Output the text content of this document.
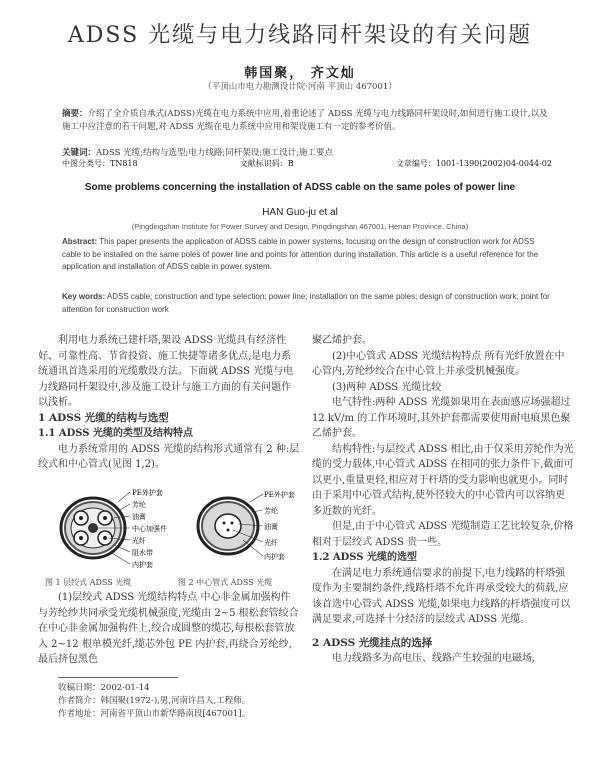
ADSS 光缆与电力线路同杆架设的有关问题
韩国聚， 齐文灿
（平顶山市电力勘测设计院·河南 平顶山 467001）
摘要：介绍了全介质自承式(ADSS)光缆在电力系统中应用,着重论述了 ADSS 光缆与电力线路同杆架设时,如何进行施工设计,以及施工中应注意的若干问题,对 ADSS 光缆在电力系统中应用和架设施工有一定的参考价值。
关键词：ADSS 光缆;结构与选型;电力线路;同杆架设;施工设计;施工要点
中图分类号：TN818	文献标识码：B	文章编号：1001-1390(2002)04-0044-02
Some problems concerning the installation of ADSS cable on the same poles of power line
HAN Guo-ju et al
(Pingdingshan Institute for Power Survey and Design, Pingdingshan 467001, Henan Province, China)
Abstract: This paper presents the application of ADSS cable in power systems, focusing on the design of construction work for ADSS cable to be installed on the same poles of power line and points for attention during installation. This article is a useful reference for the application and installation of ADSS cable in power system.
Key words: ADSS cable; construction and type selection; power line; installation on the same poles; design of construction work; point for attention for construction work

利用电力系统已建杆塔,架设 ADSS 光缆具有经济性好、可靠性高、节省投资、施工快捷等诸多优点,是电力系统通讯首选采用的光缆敷设方法。下面就 ADSS 光缆与电力线路同杆架设中,涉及施工设计与施工方面的有关问题作以浅析。

1 ADSS 光缆的结构与选型

1.1 ADSS 光缆的类型及结构特点

电力系统常用的 ADSS 光缆的结构形式通常有 2 种:层绞式和中心管式(见图 1,2)。

PE外护套
芳纶
油膏
中心加强件
光纤
阻水带
内护套
PE外护套
芳纶
油膏
光纤
内护套
图 1 层绞式 ADSS 光缆	图 2 中心管式 ADSS 光缆

(1)层绞式 ADSS 光缆结构特点 中心非金属加强构件与芳纶纱共同承受光缆机械强度,光缆由 2~5 根松套管绞合在中心非金属加强构件上,绞合成圆整的缆芯,每根松套管放入 2~12 根单模光纤,缆芯外包 PE 内护套,再绕合芳纶纱,最后挤包黑色

收稿日期：2002-01-14
作者简介：韩国聚(1972-),男,河南许昌人,工程师。
作者地址：河南省平顶山市新华路南段[467001]。

聚乙烯护套。

(2)中心管式 ADSS 光缆结构特点 所有光纤放置在中心管内,芳纶纱绞合在中心管上并承受机械强度。

(3)两种 ADSS 光缆比较

电气特性:两种 ADSS 光缆如果用在表面感应场强超过 12 kV/m 的工作环境时,其外护套都需要使用耐电痕黑色聚乙烯护套。

结构特性:与层绞式 ADSS 相比,由于仅采用芳纶作为光缆的受力载体,中心管式 ADSS 在相同的张力条件下,截面可以更小,重量更轻,相应对于杆塔的受力影响也就更小。同时由于采用中心管式结构,使外径较大的中心管内可以容纳更多近数的光纤。

但是,由于中心管式 ADSS 光缆制造工艺比较复杂,价格相对于层绞式 ADSS 贵一些。

1.2 ADSS 光缆的选型

在满足电力系统通信要求的前提下,电力线路的杆塔强度作为主要制约条件,线路杆塔不允许再承受较大的荷载,应该首选中心管式 ADSS 光缆,如果电力线路的杆塔强度可以满足要求,可选择十分经济的层绞式 ADSS 光缆。

2 ADSS 光缆挂点的选择

电力线路多为高电压、线路产生较强的电磁场,
